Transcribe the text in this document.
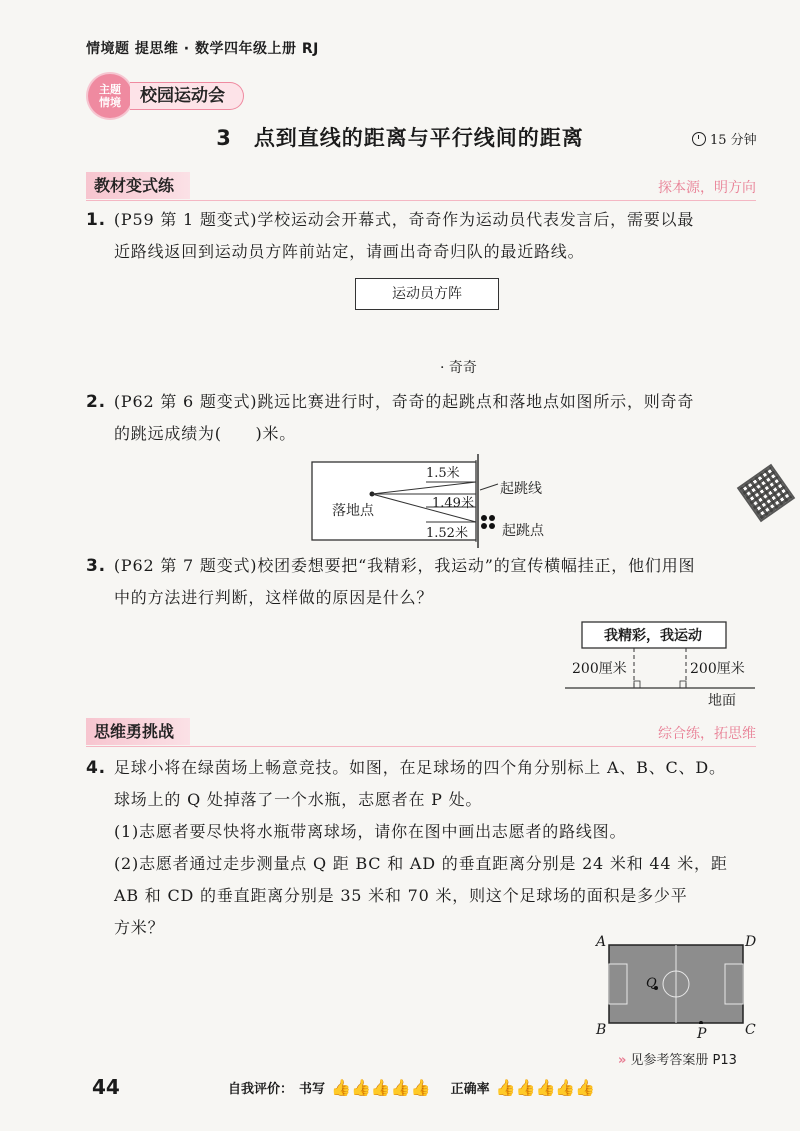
情境题 提思维 · 数学四年级上册 RJ
主题
情境	校园运动会
3 点到直线的距离与平行线间的距离	15 分钟
教材变式练	探本源，明方向

1. (P59 第 1 题变式)学校运动会开幕式，奇奇作为运动员代表发言后，需要以最

近路线返回到运动员方阵前站定，请画出奇奇归队的最近路线。

运动员方阵
· 奇奇

2. (P62 第 6 题变式)跳远比赛进行时，奇奇的起跳点和落地点如图所示，则奇奇

的跳远成绩为(　　)米。

落地点
1.5米
1.49米
1.52米
起跳线
起跳点

3. (P62 第 7 题变式)校团委想要把“我精彩，我运动”的宣传横幅挂正，他们用图

中的方法进行判断，这样做的原因是什么？

我精彩，我运动
200厘米	200厘米
地面
思维勇挑战	综合练，拓思维

4. 足球小将在绿茵场上畅意竞技。如图，在足球场的四个角分别标上 A、B、C、D。

球场上的 Q 处掉落了一个水瓶，志愿者在 P 处。

(1)志愿者要尽快将水瓶带离球场，请你在图中画出志愿者的路线图。

(2)志愿者通过走步测量点 Q 距 BC 和 AD 的垂直距离分别是 24 米和 44 米，距

AB 和 CD 的垂直距离分别是 35 米和 70 米，则这个足球场的面积是多少平

方米？

A	D
B	C
Q
P
» 见参考答案册 P13
44	自我评价： 书写 👍👍👍👍👍 正确率 👍👍👍👍👍
